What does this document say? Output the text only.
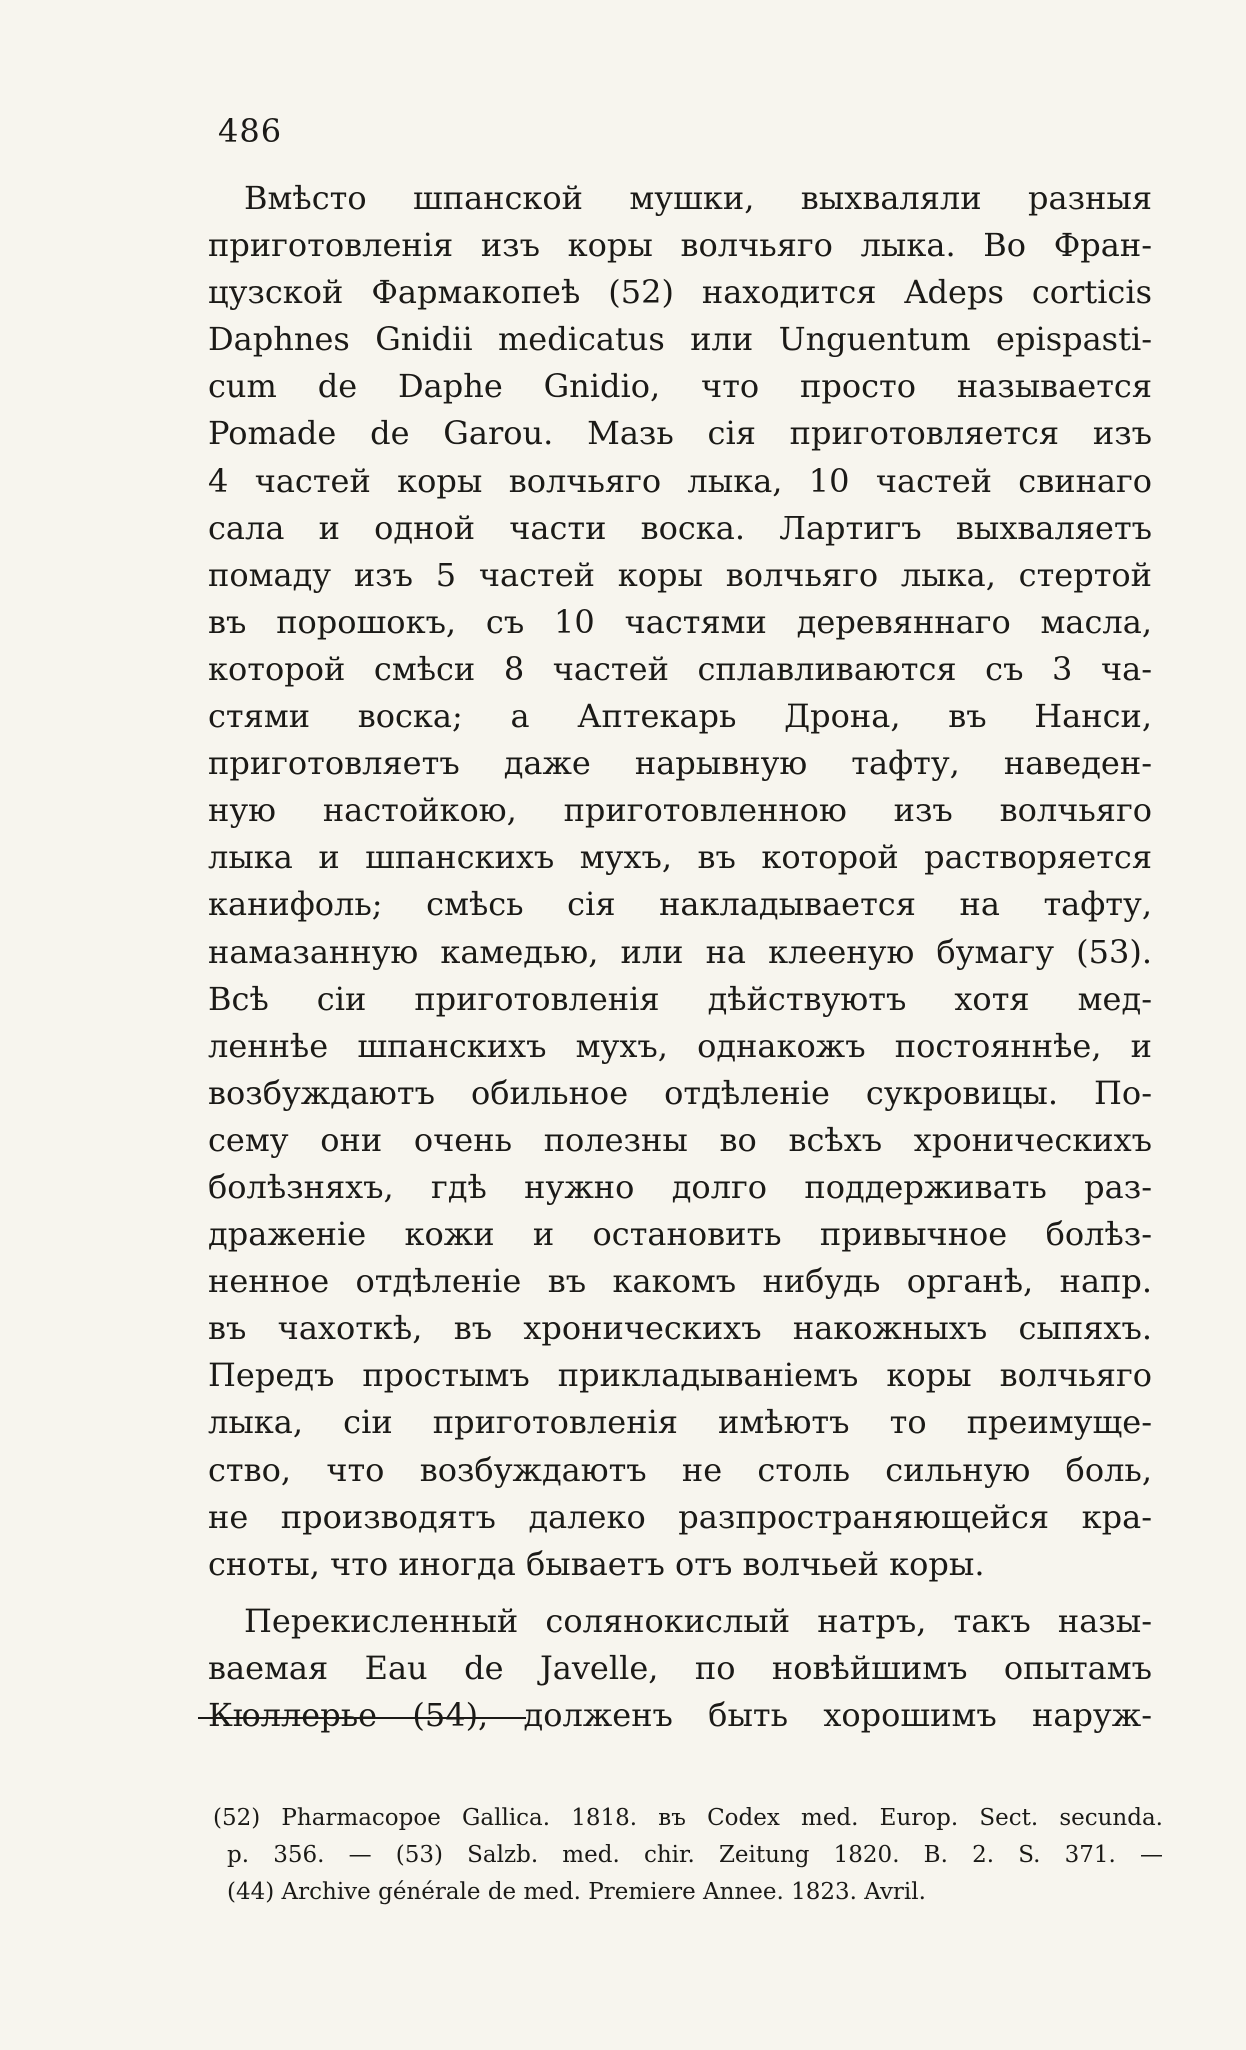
486
Вмѣсто шпанской мушки, выхваляли разныя
приготовленія изъ коры волчьяго лыка. Во Фран-
цузской Фармакопеѣ (52) находится Adeps corticis
Daphnes Gnidii medicatus или Unguentum epispasti-
cum de Daphe Gnidio, что просто называется
Pomade de Garou. Мазь сія приготовляется изъ
4 частей коры волчьяго лыка, 10 частей свинаго
сала и одной части воска. Лартигъ выхваляетъ
помаду изъ 5 частей коры волчьяго лыка, стертой
въ порошокъ, съ 10 частями деревяннаго масла,
которой смѣси 8 частей сплавливаются съ 3 ча-
стями воска; а Аптекарь Дрона, въ Нанси,
приготовляетъ даже нарывную тафту, наведен-
ную настойкою, приготовленною изъ волчьяго
лыка и шпанскихъ мухъ, въ которой растворяется
канифоль; смѣсь сія накладывается на тафту,
намазанную камедью, или на клееную бумагу (53).
Всѣ сіи приготовленія дѣйствуютъ хотя мед-
леннѣе шпанскихъ мухъ, однакожъ постояннѣе, и
возбуждаютъ обильное отдѣленіе сукровицы. По-
сему они очень полезны во всѣхъ хроническихъ
болѣзняхъ, гдѣ нужно долго поддерживать раз-
драженіе кожи и остановить привычное болѣз-
ненное отдѣленіе въ какомъ нибудь органѣ, напр.
въ чахоткѣ, въ хроническихъ накожныхъ сыпяхъ.
Передъ простымъ прикладываніемъ коры волчьяго
лыка, сіи приготовленія имѣютъ то преимуще-
ство, что возбуждаютъ не столь сильную боль,
не производятъ далеко разпространяющейся кра-
сноты, что иногда бываетъ отъ волчьей коры.
Перекисленный солянокислый натръ, такъ назы-
ваемая Eau de Javelle, по новѣйшимъ опытамъ
Кюллерье (54), долженъ быть хорошимъ наруж-
(52) Pharmacopoe Gallica. 1818. въ Codex med. Europ. Sect. secunda.
p. 356. — (53) Salzb. med. chir. Zeitung 1820. B. 2. S. 371. —
(44) Archive générale de med. Premiere Annee. 1823. Avril.
